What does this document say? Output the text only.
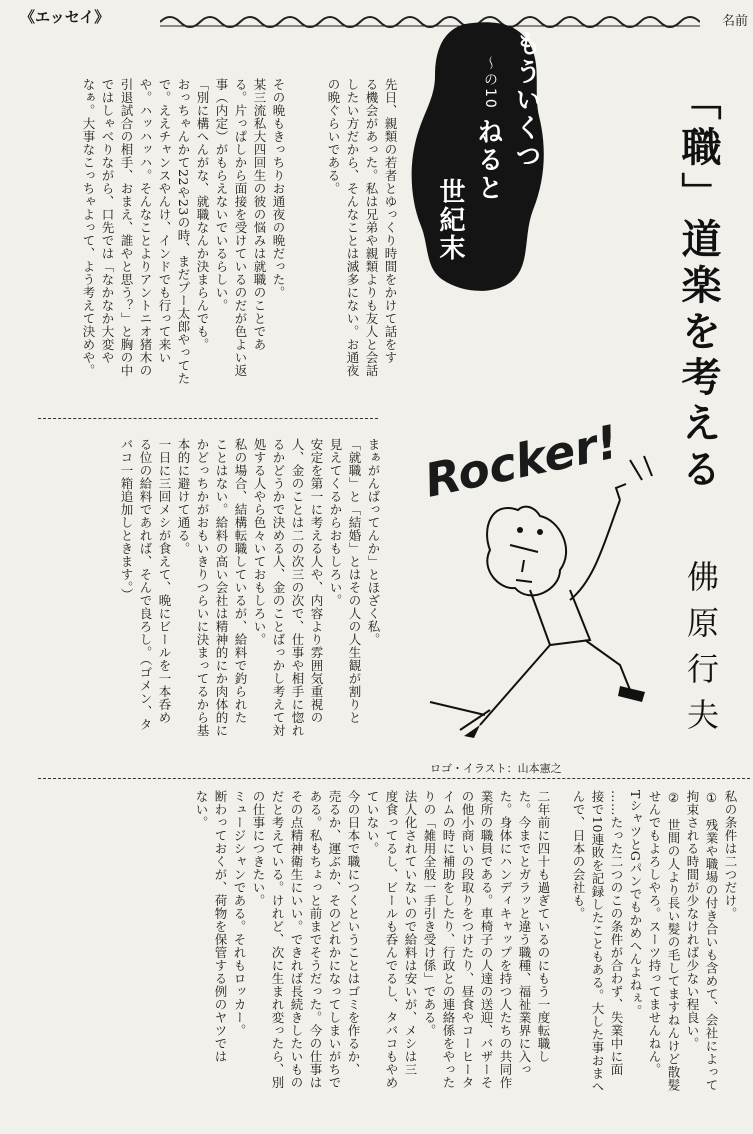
《エッセイ》	名前
もういくつ
ねると
世紀末
〜の10	「職」道楽を考える
佛原行夫
先日、親類の若者とゆっくり時間をかけて話をす
る機会があった。私は兄弟や親類よりも友人と会話
したい方だから、そんなことは滅多にない。お通夜
の晩ぐらいである。
その晩もきっちりお通夜の晩だった。
某三流私大四回生の彼の悩みは就職のことであ
る。片っぱしから面接を受けているのだが色よい返
事（内定）がもらえないでいるらしい。
「別に構へんがな、就職なんか決まらんでも。
おっちゃんかて22や23の時、まだプー太郎やってた
で。ええチャンスやんけ、インドでも行って来い
や。ハッハッハ。そんなことよりアントニオ猪木の
引退試合の相手、おまえ、誰やと思う？」と胸の中
ではしゃべりながら、口先では「なかなか大変や
なぁ。大事なこっちゃよって、よう考えて決めや。
まぁがんばってんか」とほざく私。
「就職」と「結婚」とはその人の人生観が割りと
見えてくるからおもしろい。
安定を第一に考える人や、内容より雰囲気重視の
人、金のことは二の次三の次で、仕事や相手に惚れ
るかどうかで決める人、金のことばっかし考えて対
処する人やら色々いておもしろい。
私の場合、結構転職しているが、給料で釣られた
ことはない。給料の高い会社は精神的にか肉体的に
かどっちかがおもいきりつらいに決まってるから基
本的に避けて通る。
一日に三回メシが食えて、晩にビールを一本呑め
る位の給料であれば、そんで良ろし。（ゴメン、タ
バコ一箱追加しときます。）	Rocker!
ロゴ・イラスト：山本憲之
私の条件は二つだけ。
①　残業や職場の付き合いも含めて、会社によって
拘束される時間が少なければ少ない程良い。
②　世間の人より長い髪の毛してますねんけど散髪
せんでもよろしやろ。スーツ持ってませんねん。
TシャツとGパンでもかめへんよねぇ。
……たった二つのこの条件が合わず、失業中に面
接で10連敗を記録したこともある。大した事おまへ
んで、日本の会社も。
二年前に四十も過ぎているのにもう一度転職し
た。今までとガラッと違う職種、福祉業界に入っ
た。身体にハンディキャップを持つ人たちの共同作
業所の職員である。車椅子の人達の送迎、バザーそ
の他小商いの段取りをつけたり、昼食やコーヒータ
イムの時に補助をしたり、行政との連絡係をやった
りの「雑用全般一手引き受け係」である。
法人化されていないので給料は安いが、メシは三
度食ってるし、ビールも呑んでるし、タバコもやめ
ていない。
今の日本で職につくということはゴミを作るか、
売るか、運ぶか、そのどれかになってしまいがちで
ある。私もちょっと前までそうだった。今の仕事は
その点精神衛生にいい。できれば長続きしたいもの
だと考えている。けれど、次に生まれ変ったら、別
の仕事につきたい。
ミュージシャンである。それもロッカー。
断わっておくが、荷物を保管する例のヤツでは
ない。
